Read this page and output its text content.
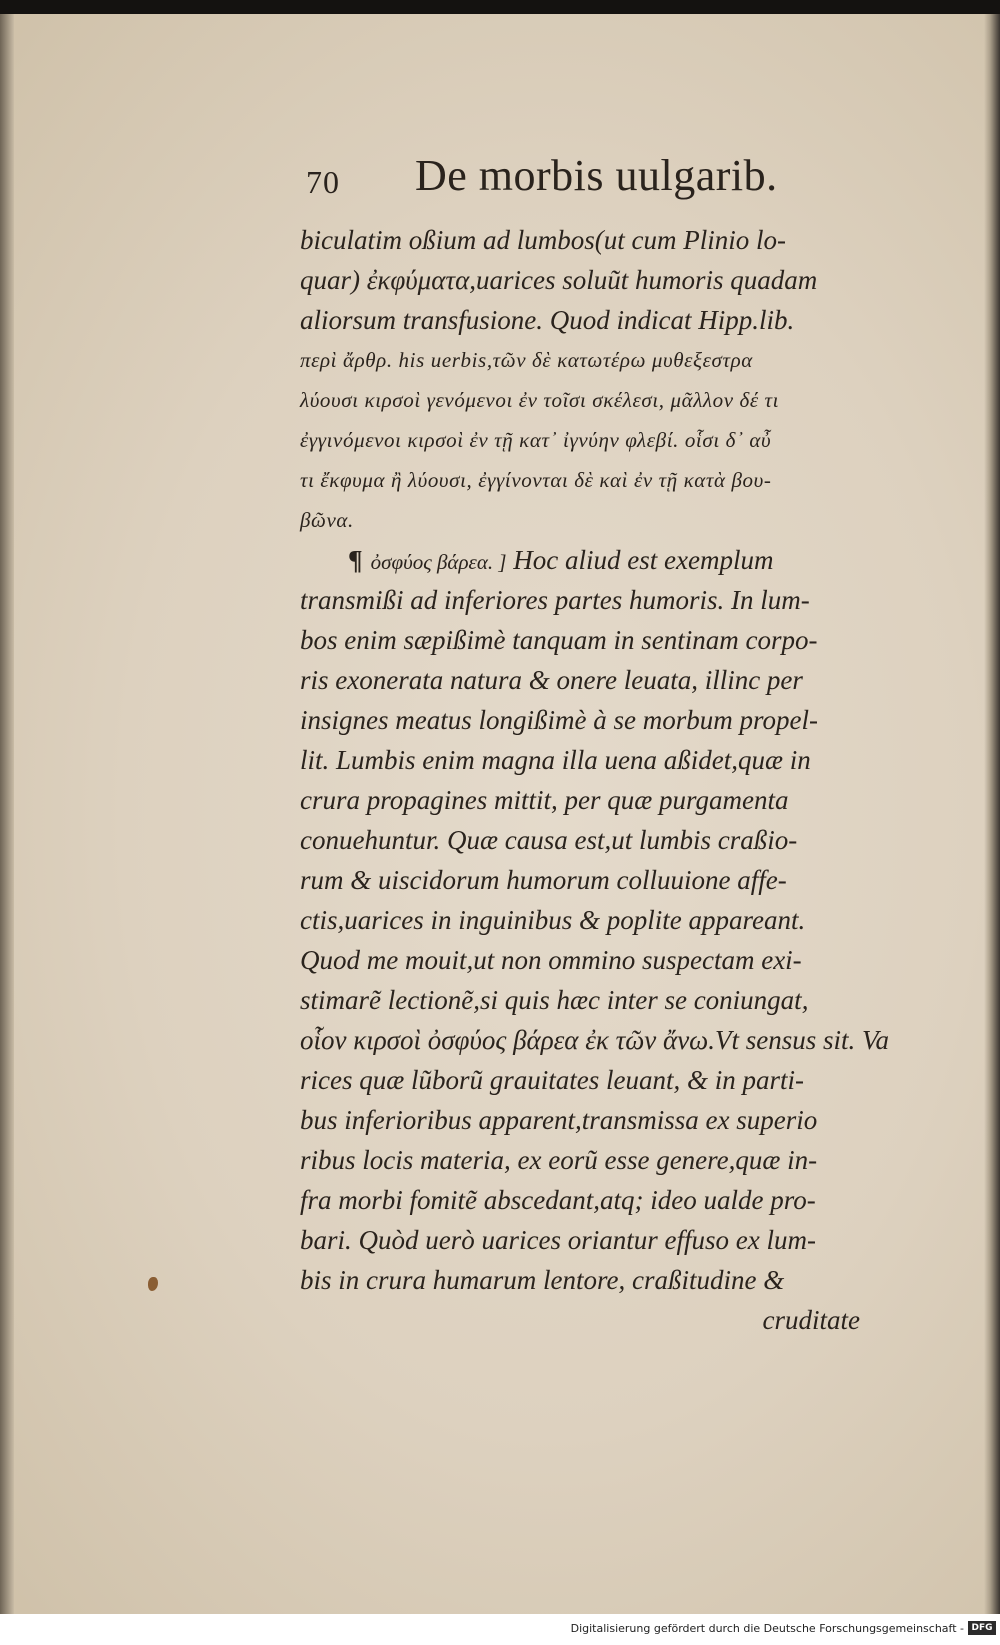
70 De morbis uulgarib.
biculatim oßium ad lumbos(ut cum Plinio lo-
quar) ἐκφύματα,uarices soluũt humoris quadam
aliorsum transfusione. Quod indicat Hipp.lib.
περὶ ἄρθρ. his uerbis,τῶν δὲ κατωτέρω μυθεξεστρα
λύουσι κιρσοὶ γενόμενοι ἐν τοῖσι σκέλεσι, μᾶλλον δέ τι
ἐγγινόμενοι κιρσοὶ ἐν τῇ κατ᾽ ἰγνύην φλεβί. οἷσι δ᾽ αὖ
τι ἔκφυμα ἢ λύουσι, ἐγγίνονται δὲ καὶ ἐν τῇ κατὰ βου-
βῶνα.
¶ ὀσφύος βάρεα. ] Hoc aliud est exemplum
transmißi ad inferiores partes humoris. In lum-
bos enim sæpißimè tanquam in sentinam corpo-
ris exonerata natura & onere leuata, illinc per
insignes meatus longißimè à se morbum propel-
lit. Lumbis enim magna illa uena aßidet,quæ in
crura propagines mittit, per quæ purgamenta
conuehuntur. Quæ causa est,ut lumbis craßio-
rum & uiscidorum humorum colluuione affe-
ctis,uarices in inguinibus & poplite appareant.
Quod me mouit,ut non ommino suspectam exi-
stimarẽ lectionẽ,si quis hæc inter se coniungat,
οἷον κιρσοὶ ὀσφύος βάρεα ἐκ τῶν ἄνω.Vt sensus sit. Va
rices quæ lũborũ grauitates leuant, & in parti-
bus inferioribus apparent,transmissa ex superio
ribus locis materia, ex eorũ esse genere,quæ in-
fra morbi fomitẽ abscedant,atq; ideo ualde pro-
bari. Quòd uerò uarices oriantur effuso ex lum-
bis in crura humarum lentore, craßitudine &
cruditate
Digitalisierung gefördert durch die Deutsche Forschungsgemeinschaft - DFG
